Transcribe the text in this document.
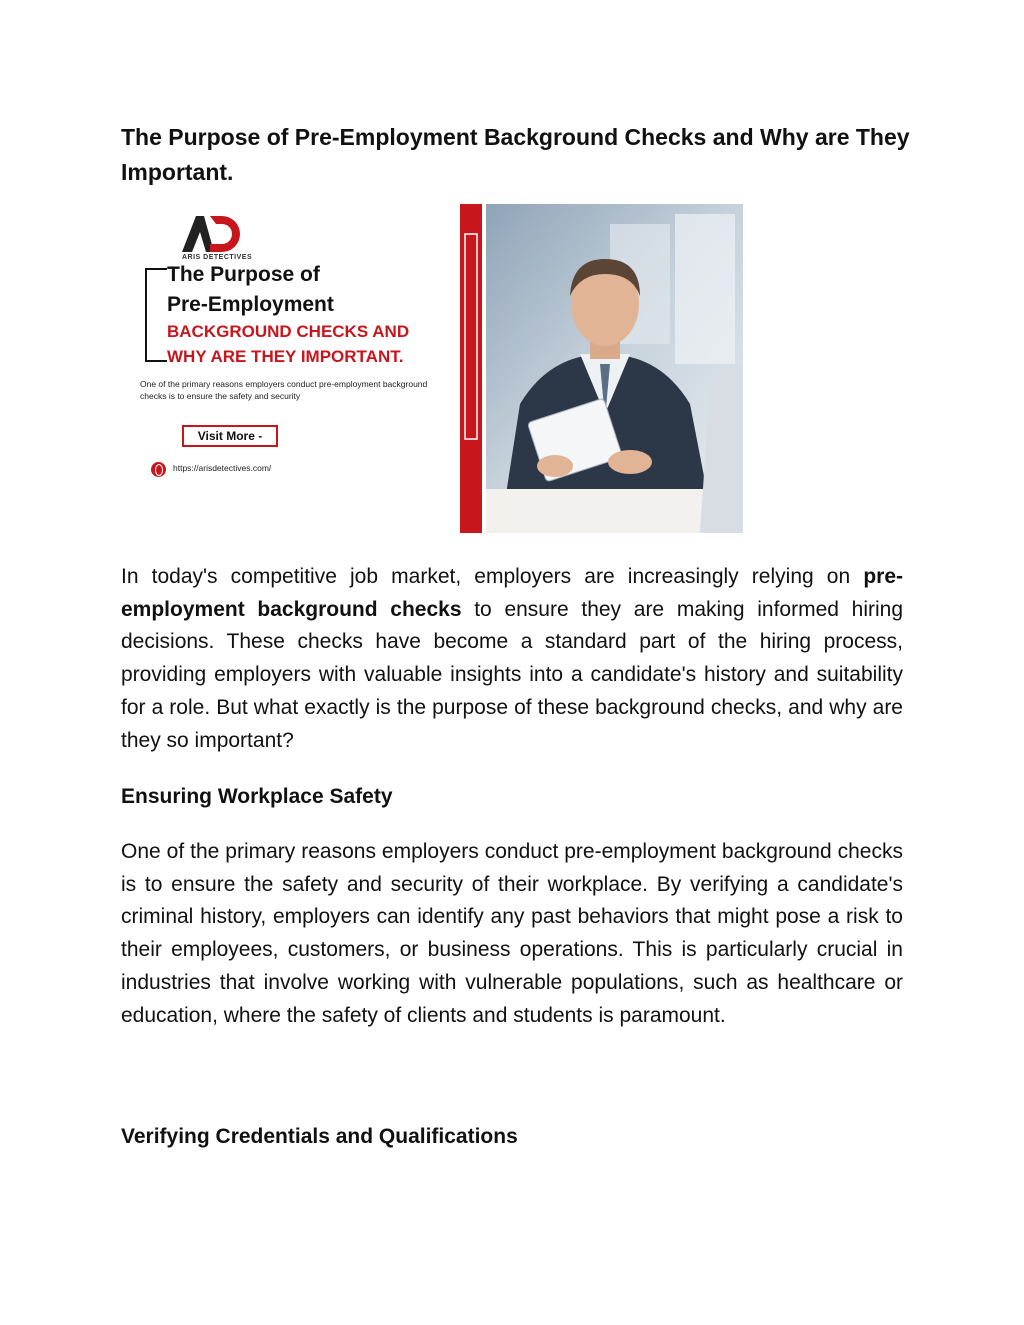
The Purpose of Pre-Employment Background Checks and Why are They Important.
ARIS DETECTIVES
The Purpose of
Pre-Employment
BACKGROUND CHECKS AND
WHY ARE THEY IMPORTANT.
One of the primary reasons employers conduct pre-employment background checks is to ensure the safety and security
Visit More -
https://arisdetectives.com/

In today's competitive job market, employers are increasingly relying on pre-employment background checks to ensure they are making informed hiring decisions. These checks have become a standard part of the hiring process, providing employers with valuable insights into a candidate's history and suitability for a role. But what exactly is the purpose of these background checks, and why are they so important?

Ensuring Workplace Safety

One of the primary reasons employers conduct pre-employment background checks is to ensure the safety and security of their workplace. By verifying a candidate's criminal history, employers can identify any past behaviors that might pose a risk to their employees, customers, or business operations. This is particularly crucial in industries that involve working with vulnerable populations, such as healthcare or education, where the safety of clients and students is paramount.

Verifying Credentials and Qualifications
